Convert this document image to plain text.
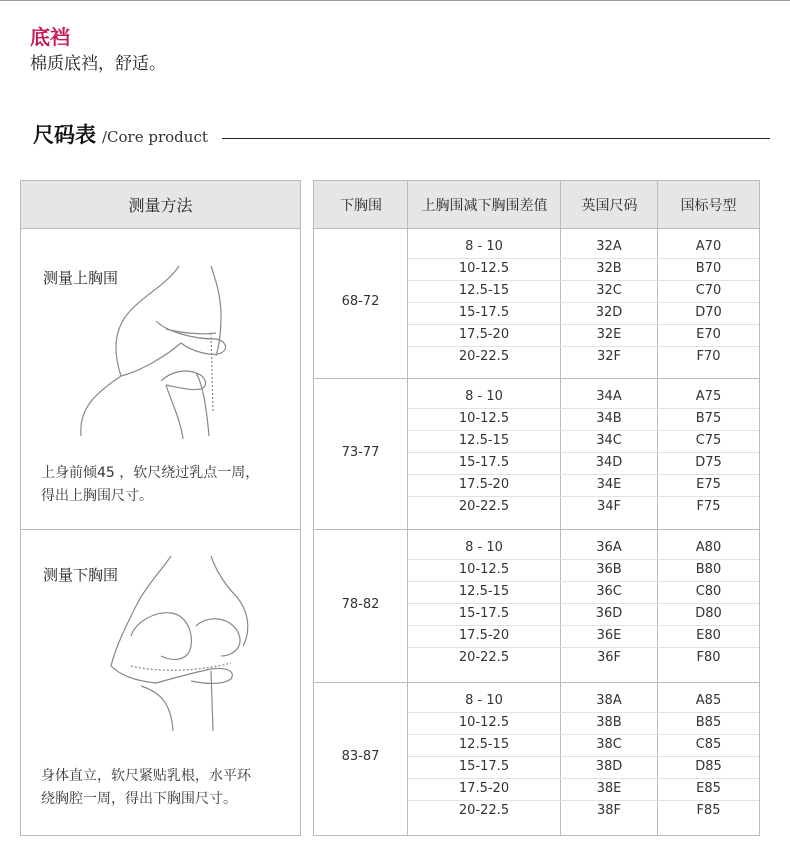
底裆
棉质底裆，舒适。
尺码表 /Core product
测量方法
测量上胸围
上身前倾45 ，软尺绕过乳点一周，
得出上胸围尺寸。
测量下胸围
身体直立，软尺紧贴乳根，水平环
绕胸腔一周，得出下胸围尺寸。
下胸围	上胸围减下胸围差值	英国尺码	国标号型
68-72
8 - 10	32A	A70
10-12.5	32B	B70
12.5-15	32C	C70
15-17.5	32D	D70
17.5-20	32E	E70
20-22.5	32F	F70
73-77
8 - 10	34A	A75
10-12.5	34B	B75
12.5-15	34C	C75
15-17.5	34D	D75
17.5-20	34E	E75
20-22.5	34F	F75
78-82
8 - 10	36A	A80
10-12.5	36B	B80
12.5-15	36C	C80
15-17.5	36D	D80
17.5-20	36E	E80
20-22.5	36F	F80
83-87
8 - 10	38A	A85
10-12.5	38B	B85
12.5-15	38C	C85
15-17.5	38D	D85
17.5-20	38E	E85
20-22.5	38F	F85
